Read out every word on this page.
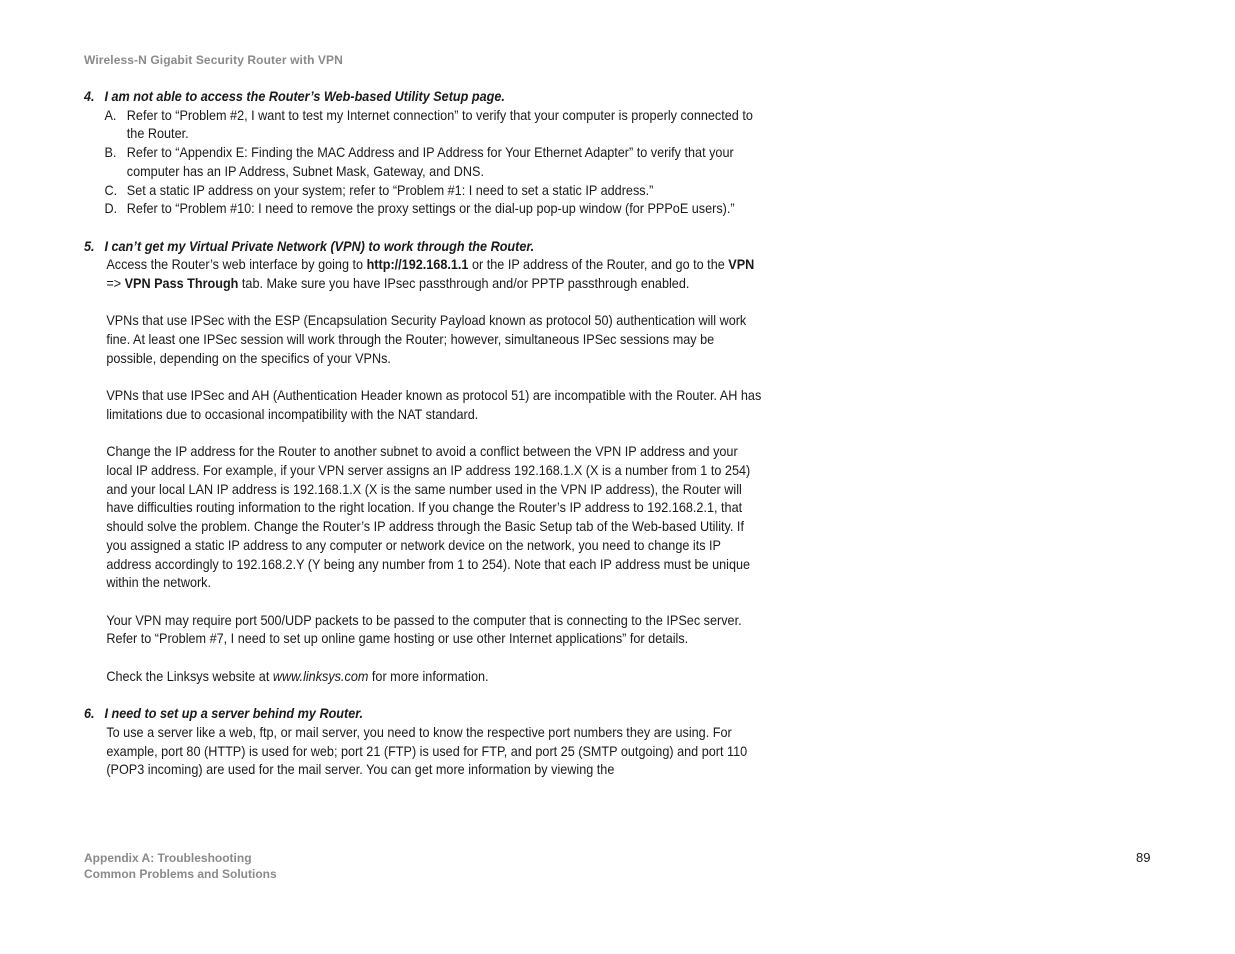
Wireless-N Gigabit Security Router with VPN

4. I am not able to access the Router’s Web-based Utility Setup page.

A. Refer to “Problem #2, I want to test my Internet connection” to verify that your computer is properly connected to the Router.
B. Refer to “Appendix E: Finding the MAC Address and IP Address for Your Ethernet Adapter” to verify that your computer has an IP Address, Subnet Mask, Gateway, and DNS.
C. Set a static IP address on your system; refer to “Problem #1: I need to set a static IP address.”
D. Refer to “Problem #10: I need to remove the proxy settings or the dial-up pop-up window (for PPPoE users).”

5. I can’t get my Virtual Private Network (VPN) to work through the Router.

Access the Router’s web interface by going to http://192.168.1.1 or the IP address of the Router, and go to the VPN => VPN Pass Through tab. Make sure you have IPsec passthrough and/or PPTP passthrough enabled.

VPNs that use IPSec with the ESP (Encapsulation Security Payload known as protocol 50) authentication will work fine. At least one IPSec session will work through the Router; however, simultaneous IPSec sessions may be possible, depending on the specifics of your VPNs.

VPNs that use IPSec and AH (Authentication Header known as protocol 51) are incompatible with the Router. AH has limitations due to occasional incompatibility with the NAT standard.

Change the IP address for the Router to another subnet to avoid a conflict between the VPN IP address and your local IP address. For example, if your VPN server assigns an IP address 192.168.1.X (X is a number from 1 to 254) and your local LAN IP address is 192.168.1.X (X is the same number used in the VPN IP address), the Router will have difficulties routing information to the right location. If you change the Router’s IP address to 192.168.2.1, that should solve the problem. Change the Router’s IP address through the Basic Setup tab of the Web-based Utility. If you assigned a static IP address to any computer or network device on the network, you need to change its IP address accordingly to 192.168.2.Y (Y being any number from 1 to 254). Note that each IP address must be unique within the network.

Your VPN may require port 500/UDP packets to be passed to the computer that is connecting to the IPSec server. Refer to “Problem #7, I need to set up online game hosting or use other Internet applications” for details.

Check the Linksys website at www.linksys.com for more information.

6. I need to set up a server behind my Router.

To use a server like a web, ftp, or mail server, you need to know the respective port numbers they are using. For example, port 80 (HTTP) is used for web; port 21 (FTP) is used for FTP, and port 25 (SMTP outgoing) and port 110 (POP3 incoming) are used for the mail server. You can get more information by viewing the

Appendix A: Troubleshooting
Common Problems and Solutions
89
